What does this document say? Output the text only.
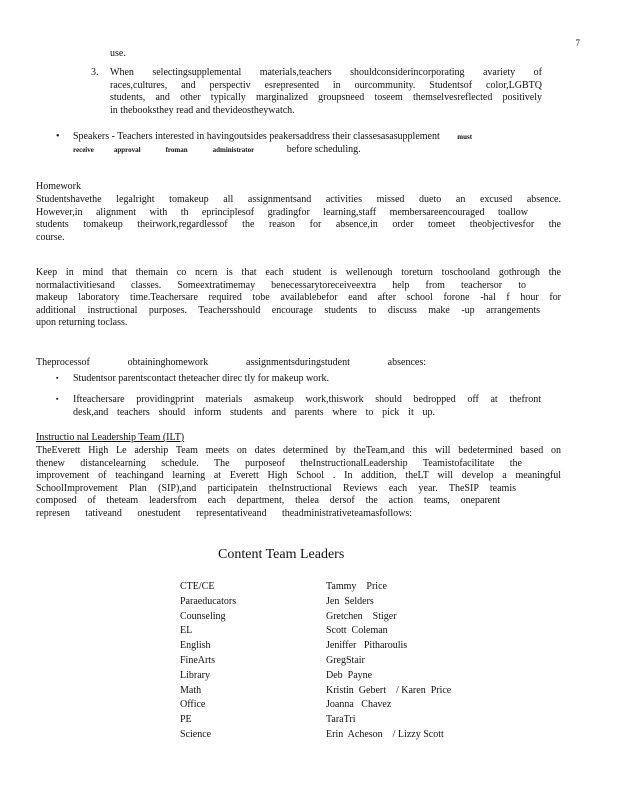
7
use.
3. When selectingsupplemental materials,teachers shouldconsiderincorporating avariety of
races,cultures, and perspectiv esrepresented in ourcommunity. Studentsof color,LGBTQ
students, and other typically marginalized groupsneed toseem themselvesreflected positively
in thebooksthey read and thevideostheywatch.
• Speakers - Teachers interested in havingoutsides peakersaddress their classesasasupplement	must
receive	approval	froman	administrator	before scheduling.
Homework
Studentshavethe legalright tomakeup all assignmentsand activities missed dueto an excused absence.
However,in alignment with th eprinciplesof gradingfor learning,staff membersareencouraged toallow
students tomakeup theirwork,regardlessof the reason for absence,in order tomeet theobjectivesfor the
course.
Keep in mind that themain co ncern is that each student is wellenough toreturn toschooland gothrough the
normalactivitiesand classes. Someextratimemay benecessarytoreceiveextra help from teachersor to
makeup laboratory time.Teachersare required tobe availablebefor eand after school forone -hal f hour for
additional instructional purposes. Teachersshould encourage students to discuss make -up arrangements
upon returning toclass.
Theprocessof obtaininghomework assignmentsduringstudent absences:
▪ Studentsor parentscontact theteacher direc tly for makeup work.
▪ Ifteachersare providingprint materials asmakeup work,thiswork should bedropped off at thefront
desk,and teachers should inform students and parents where to pick it up.
Instructio nal Leadership Team (ILT)
TheEverett High Le adership Team meets on dates determined by theTeam,and this will bedetermined based on
thenew distancelearning schedule. The purposeof theInstructionalLeadership Teamistofacilitate the
improvement of teachingand learning at Everett High School . In addition, theLT will develop a meaningful
SchoolImprovement Plan (SIP),and participatein theInstructional Reviews each year. TheSIP teamis
composed of theteam leadersfrom each department, thelea dersof the action teams, oneparent
represen tativeand onestudent representativeand theadministrativeteamasfollows:
Content Team Leaders
CTE/CE	Tammy    Price
Paraeducators	Jen  Selders
Counseling	Gretchen    Stiger
EL	Scott  Coleman
English	Jeniffer   Pitharoulis
FineArts	GregStair
Library	Deb  Payne
Math	Kristin  Gebert    / Karen  Price
Office	Joanna   Chavez
PE	TaraTri
Science	Erin  Acheson    / Lizzy Scott
